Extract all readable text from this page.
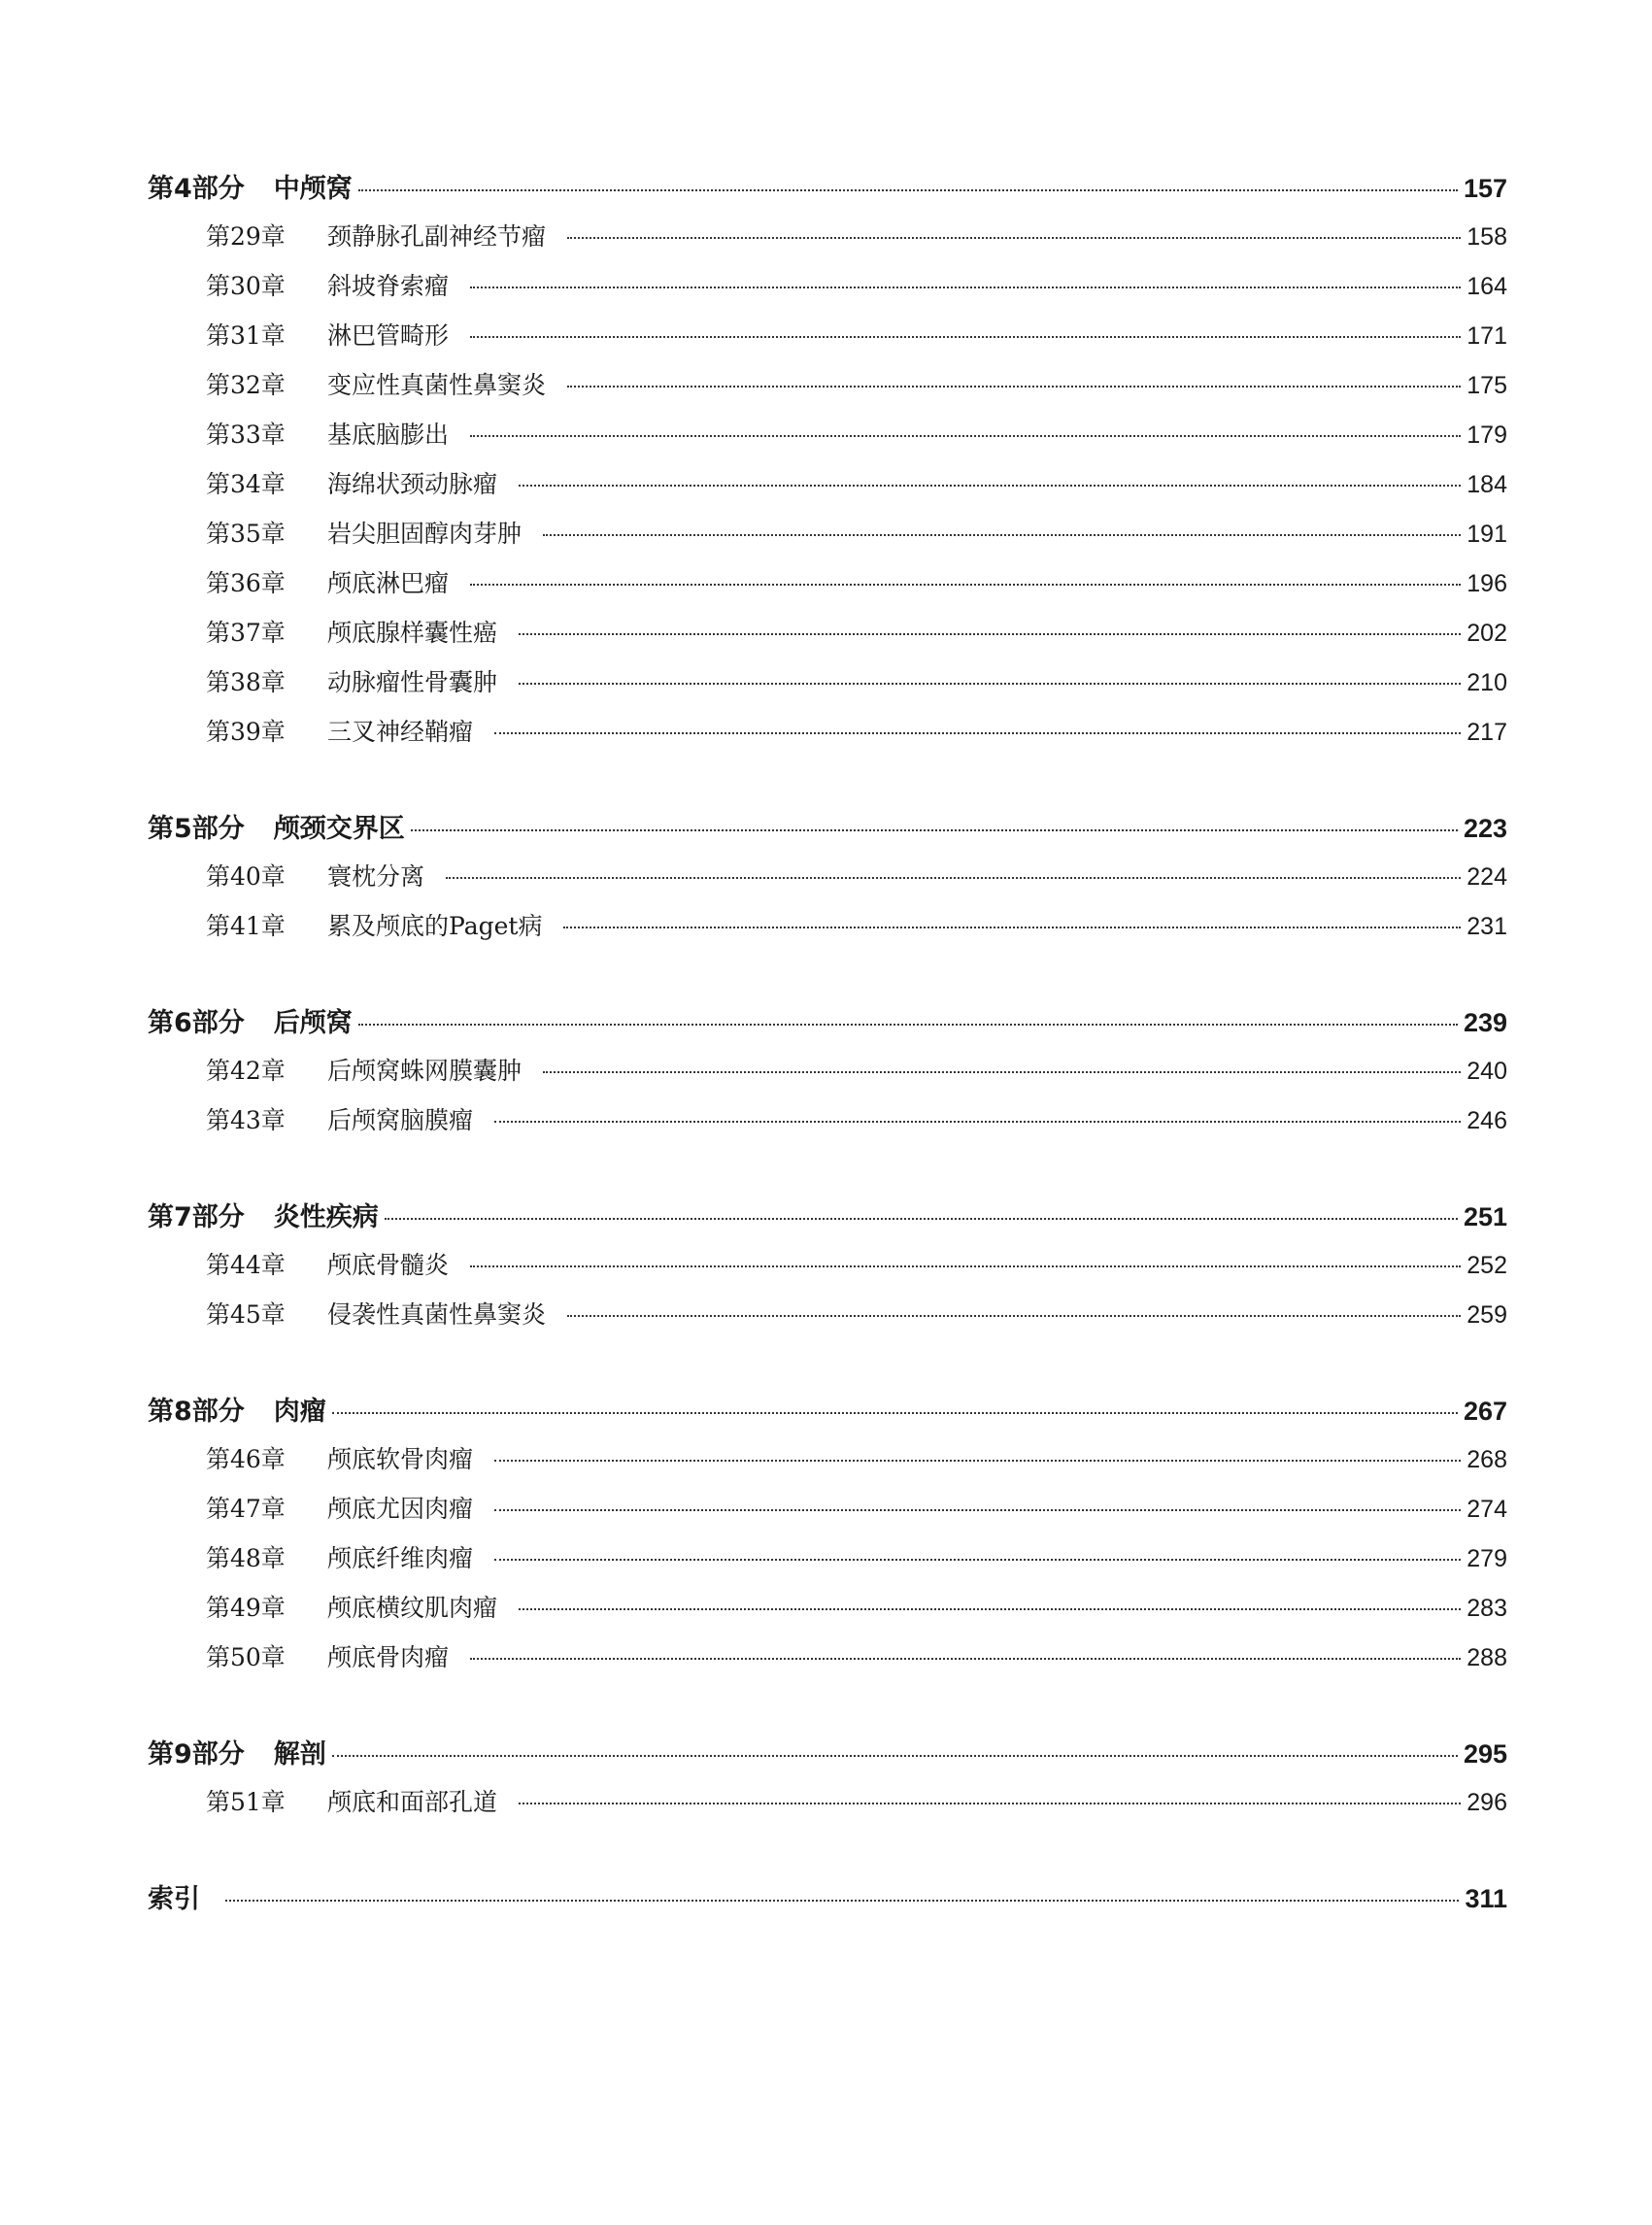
第4部分 中颅窝	157
第29章	颈静脉孔副神经节瘤	158
第30章	斜坡脊索瘤	164
第31章	淋巴管畸形	171
第32章	变应性真菌性鼻窦炎	175
第33章	基底脑膨出	179
第34章	海绵状颈动脉瘤	184
第35章	岩尖胆固醇肉芽肿	191
第36章	颅底淋巴瘤	196
第37章	颅底腺样囊性癌	202
第38章	动脉瘤性骨囊肿	210
第39章	三叉神经鞘瘤	217
第5部分 颅颈交界区	223
第40章	寰枕分离	224
第41章	累及颅底的Paget病	231
第6部分 后颅窝	239
第42章	后颅窝蛛网膜囊肿	240
第43章	后颅窝脑膜瘤	246
第7部分 炎性疾病	251
第44章	颅底骨髓炎	252
第45章	侵袭性真菌性鼻窦炎	259
第8部分 肉瘤	267
第46章	颅底软骨肉瘤	268
第47章	颅底尤因肉瘤	274
第48章	颅底纤维肉瘤	279
第49章	颅底横纹肌肉瘤	283
第50章	颅底骨肉瘤	288
第9部分 解剖	295
第51章	颅底和面部孔道	296
索引	311
